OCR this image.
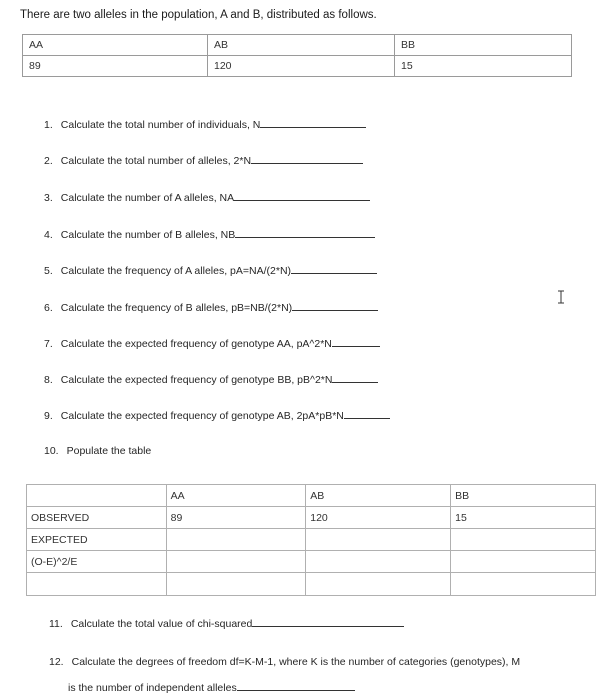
There are two alleles in the population, A and B, distributed as follows.
AA	AB	BB
89	120	15
1. Calculate the total number of individuals, N
2. Calculate the total number of alleles, 2*N
3. Calculate the number of A alleles, NA
4. Calculate the number of B alleles, NB
5. Calculate the frequency of A alleles, pA=NA/(2*N)
6. Calculate the frequency of B alleles, pB=NB/(2*N)
7. Calculate the expected frequency of genotype AA, pA^2*N
8. Calculate the expected frequency of genotype BB, pB^2*N
9. Calculate the expected frequency of genotype AB, 2pA*pB*N
10. Populate the table
	AA	AB	BB
OBSERVED	89	120	15
EXPECTED			
(O-E)^2/E			

11. Calculate the total value of chi-squared
12. Calculate the degrees of freedom df=K-M-1, where K is the number of categories (genotypes), M
is the number of independent alleles
